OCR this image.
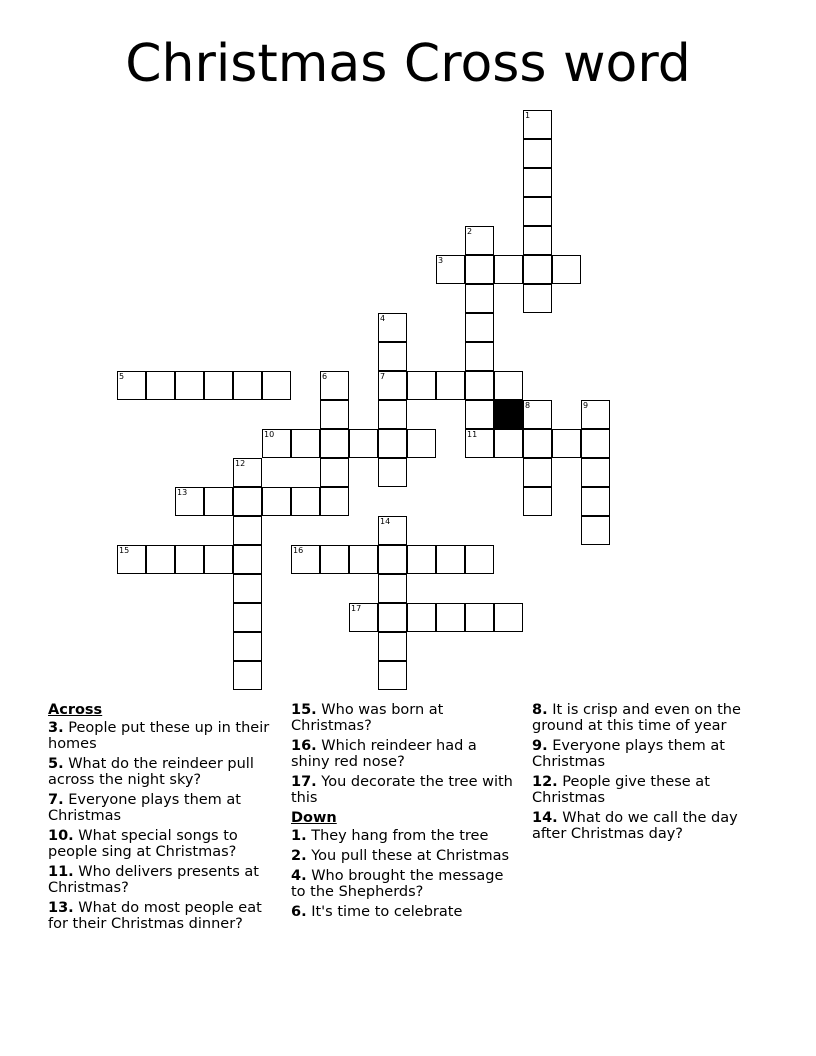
Christmas Cross word
1
2
11
3
4
7
5	6
8	9
10
12
13
14
15	16
17
Across
3. People put these up in their homes
5. What do the reindeer pull across the night sky?
7. Everyone plays them at Christmas
10. What special songs to people sing at Christmas?
11. Who delivers presents at Christmas?
13. What do most people eat for their Christmas dinner?
15. Who was born at Christmas?
16. Which reindeer had a shiny red nose?
17. You decorate the tree with this
Down
1. They hang from the tree
2. You pull these at Christmas
4. Who brought the message to the Shepherds?
6. It's time to celebrate
8. It is crisp and even on the ground at this time of year
9. Everyone plays them at Christmas
12. People give these at Christmas
14. What do we call the day after Christmas day?
